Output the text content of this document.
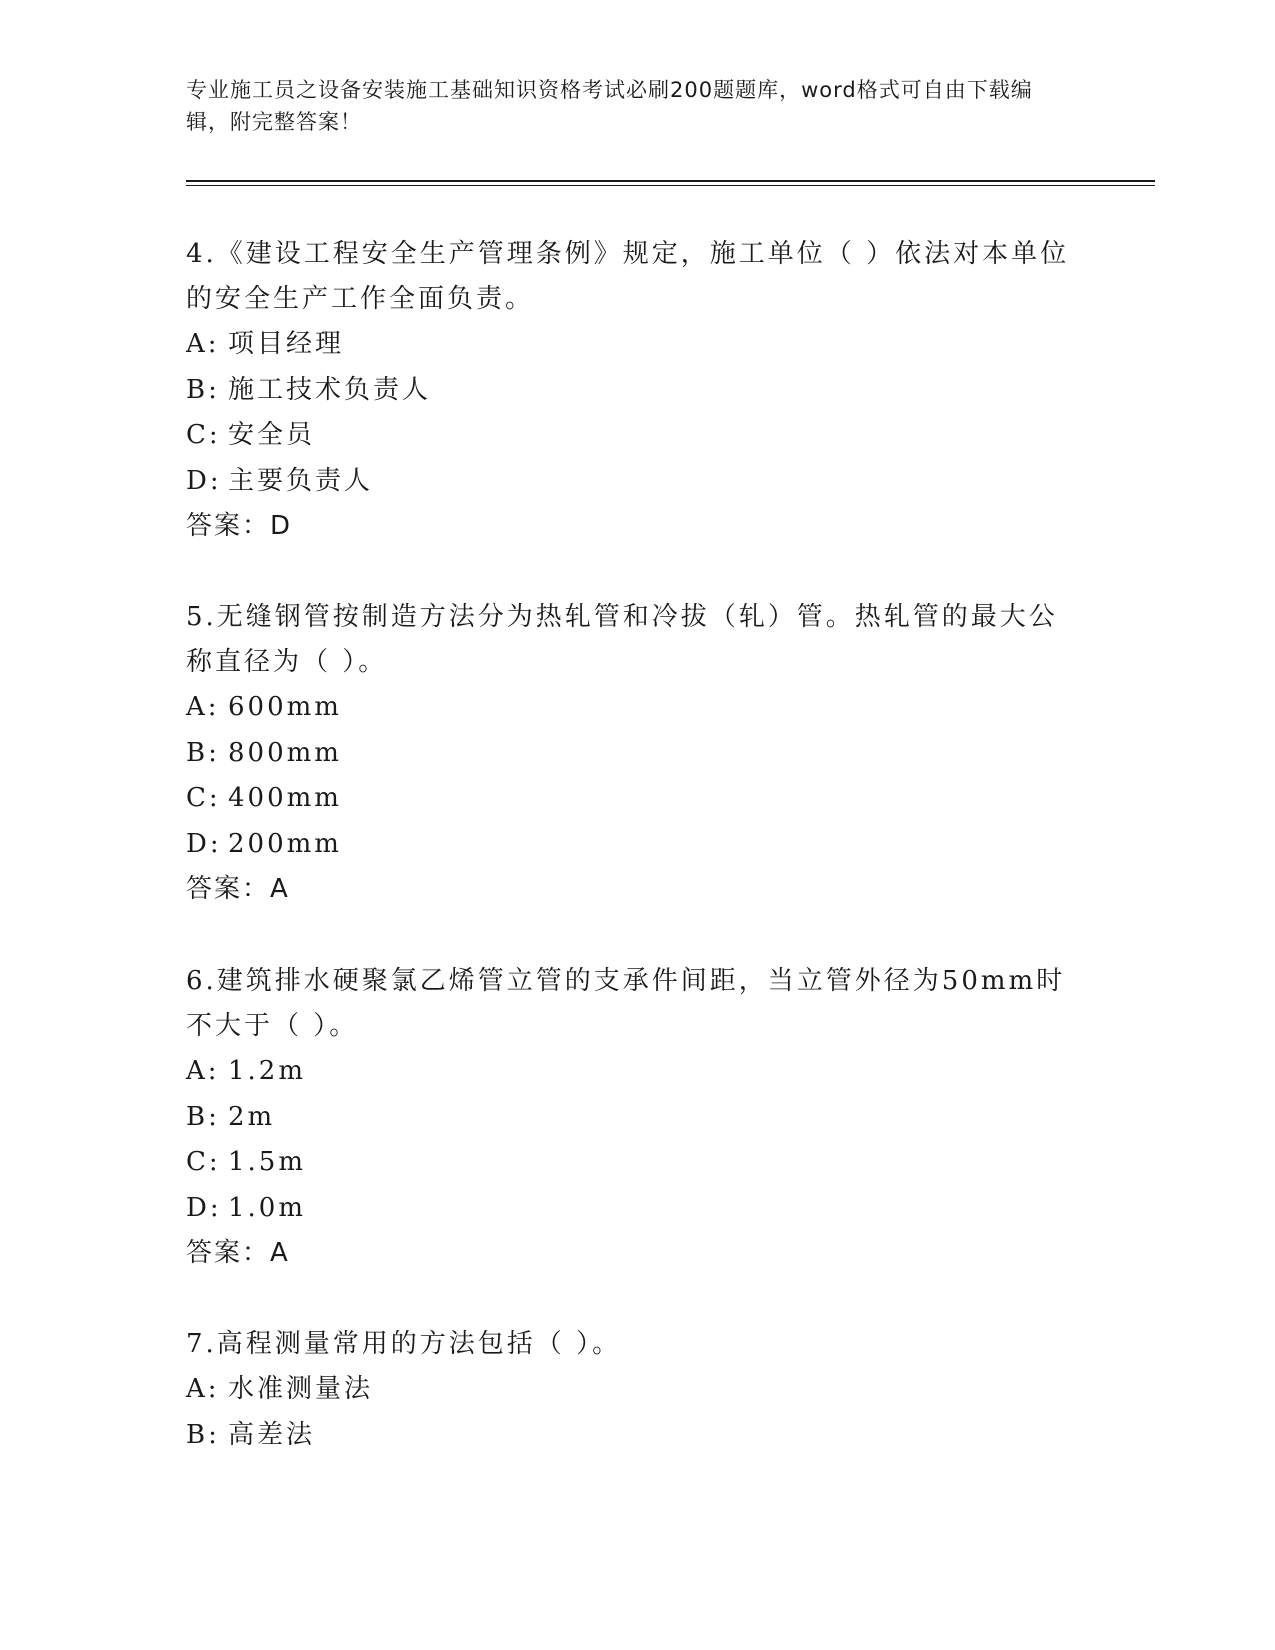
专业施工员之设备安装施工基础知识资格考试必刷200题题库，word格式可自由下载编辑，附完整答案！

4.《建设工程安全生产管理条例》规定，施工单位（ ）依法对本单位的安全生产工作全面负责。

A: 项目经理

B: 施工技术负责人

C: 安全员

D: 主要负责人

答案：D

5.无缝钢管按制造方法分为热轧管和冷拔（轧）管。热轧管的最大公称直径为（ ）。

A: 600mm

B: 800mm

C: 400mm

D: 200mm

答案：A

6.建筑排水硬聚氯乙烯管立管的支承件间距，当立管外径为50mm时不大于（ ）。

A: 1.2m

B: 2m

C: 1.5m

D: 1.0m

答案：A

7.高程测量常用的方法包括（ ）。

A: 水准测量法

B: 高差法
